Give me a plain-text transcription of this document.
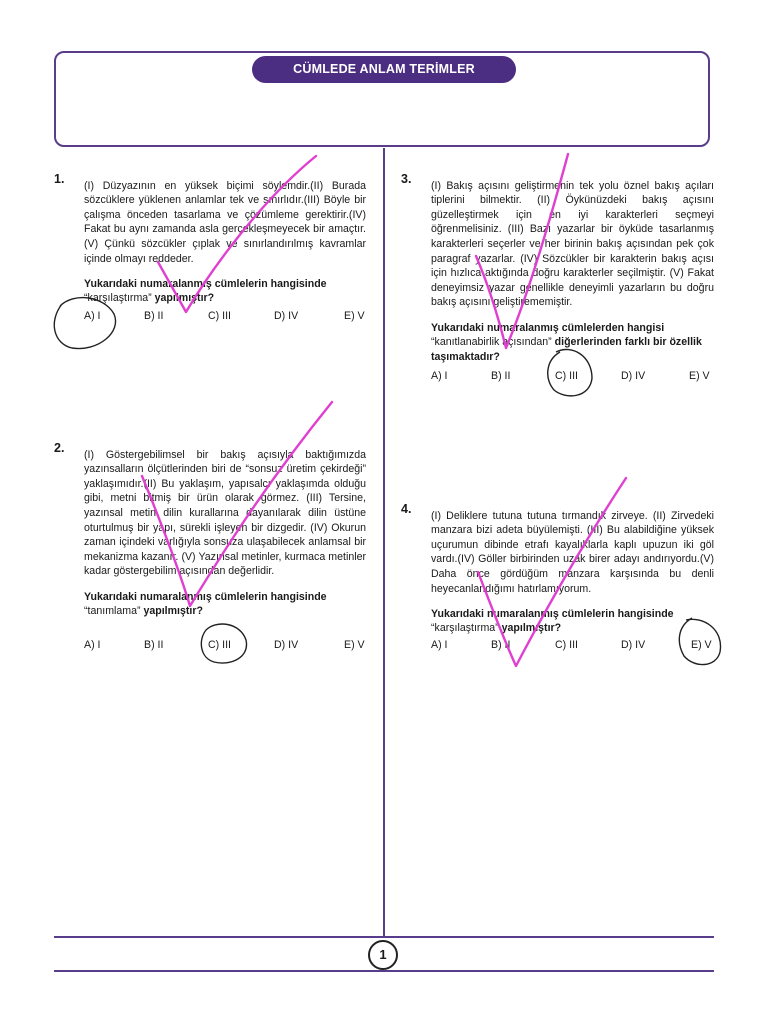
CÜMLEDE ANLAM TERİMLER
1. (I) Düzyazının en yüksek biçimi söylemdir.(II) Burada sözcüklere yüklenen anlamlar tek ve sınırlıdır.(III) Böyle bir çalışma önceden tasarlama ve çözümleme gerektirir.(IV) Fakat bu aynı zamanda asla gerçekleşmeyecek bir amaçtır.(V) Çünkü sözcükler çıplak ve sınırlandırılmış kavramlar içinde olmayı reddeder.

Yukarıdaki numaralanmış cümlelerin hangisinde “karşılaştırma” yapılmıştır?

A) I	B) II	C) III	D) IV	E) V
2. (I) Göstergebilimsel bir bakış açısıyla baktığımızda yazınsalların ölçütlerinden biri de “sonsuz üretim çekirdeği” yaklaşımıdır.(II) Bu yaklaşım, yapısalcı yaklaşımda olduğu gibi, metni bitmiş bir ürün olarak görmez. (III) Tersine, yazınsal metin dilin kurallarına dayanılarak dilin üstüne oturtulmuş bir yapı, sürekli işleyen bir dizgedir. (IV) Okurun zaman içindeki varlığıyla sonsuza ulaşabilecek anlamsal bir mekanizma kazanır. (V) Yazınsal metinler, kurmaca metinler kadar göstergebilim açısından değerlidir.

Yukarıdaki numaralanmış cümlelerin hangisinde “tanımlama” yapılmıştır?

A) I	B) II	C) III	D) IV	E) V
3. (I) Bakış açısını geliştirmenin tek yolu öznel bakış açıları tiplerini bilmektir. (II) Öykünüzdeki bakış açısını güzelleştirmek için en iyi karakterleri seçmeyi öğrenmelisiniz. (III) Bazı yazarlar bir öyküde tasarlanmış karakterleri seçerler ve her birinin bakış açısından pek çok paragraf yazarlar. (IV) Sözcükler bir karakterin bakış açısı için hızlıca aktığında doğru karakterler seçilmiştir. (V) Fakat deneyimsiz yazar genellikle deneyimli yazarların bu doğru bakış açısını geliştirememiştir.

Yukarıdaki numaralanmış cümlelerden hangisi “kanıtlanabirlik açısından” diğerlerinden farklı bir özellik taşımaktadır?

A) I	B) II	C) III	D) IV	E) V
4. (I) Deliklere tutuna tutuna tırmandık zirveye. (II) Zirvedeki manzara bizi adeta büyülemişti. (III) Bu alabildiğine yüksek uçurumun dibinde etrafı kayalıklarla kaplı upuzun iki göl vardı.(IV) Göller birbirinden uzak birer adayı andırıyordu.(V) Daha önce gördüğüm manzara karşısında bu denli heyecanlandığımı hatırlamıyorum.

Yukarıdaki numaralanmış cümlelerin hangisinde “karşılaştırma” yapılmıştır?

A) I	B) II	C) III	D) IV	E) V
1
